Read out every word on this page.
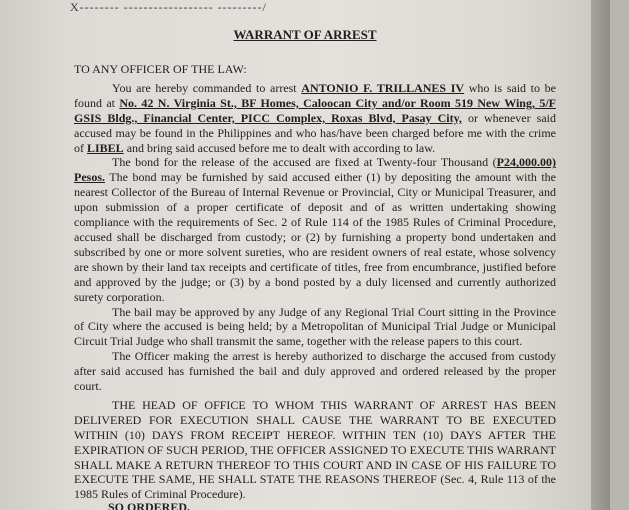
X-------- ------------------ ---------/
WARRANT OF ARREST

TO ANY OFFICER OF THE LAW:

You are hereby commanded to arrest ANTONIO F. TRILLANES IV who is said to be found at No. 42 N. Virginia St., BF Homes, Caloocan City and/or Room 519 New Wing, 5/F GSIS Bldg., Financial Center, PICC Complex, Roxas Blvd, Pasay City, or whenever said accused may be found in the Philippines and who has/have been charged before me with the crime of LIBEL and bring said accused before me to dealt with according to law.

The bond for the release of the accused are fixed at Twenty-four Thousand (P24,000.00) Pesos. The bond may be furnished by said accused either (1) by depositing the amount with the nearest Collector of the Bureau of Internal Revenue or Provincial, City or Municipal Treasurer, and upon submission of a proper certificate of deposit and of as written undertaking showing compliance with the requirements of Sec. 2 of Rule 114 of the 1985 Rules of Criminal Procedure, accused shall be discharged from custody; or (2) by furnishing a property bond undertaken and subscribed by one or more solvent sureties, who are resident owners of real estate, whose solvency are shown by their land tax receipts and certificate of titles, free from encumbrance, justified before and approved by the judge; or (3) by a bond posted by a duly licensed and currently authorized surety corporation.

The bail may be approved by any Judge of any Regional Trial Court sitting in the Province of City where the accused is being held; by a Metropolitan of Municipal Trial Judge or Municipal Circuit Trial Judge who shall transmit the same, together with the release papers to this court.

The Officer making the arrest is hereby authorized to discharge the accused from custody after said accused has furnished the bail and duly approved and ordered released by the proper court.

THE HEAD OF OFFICE TO WHOM THIS WARRANT OF ARREST HAS BEEN DELIVERED FOR EXECUTION SHALL CAUSE THE WARRANT TO BE EXECUTED WITHIN (10) DAYS FROM RECEIPT HEREOF. WITHIN TEN (10) DAYS AFTER THE EXPIRATION OF SUCH PERIOD, THE OFFICER ASSIGNED TO EXECUTE THIS WARRANT SHALL MAKE A RETURN THEREOF TO THIS COURT AND IN CASE OF HIS FAILURE TO EXECUTE THE SAME, HE SHALL STATE THE REASONS THEREOF (Sec. 4, Rule 113 of the 1985 Rules of Criminal Procedure).

SO ORDERED.
